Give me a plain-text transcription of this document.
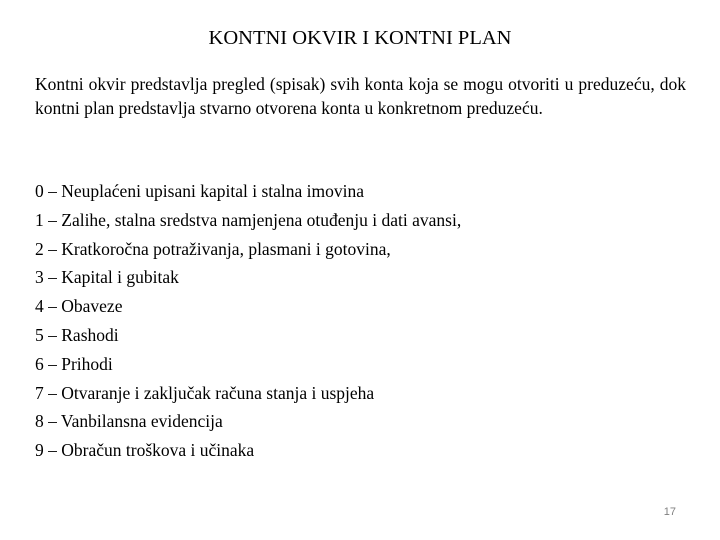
KONTNI OKVIR I KONTNI PLAN

Kontni okvir predstavlja pregled (spisak) svih konta koja se mogu otvoriti u preduzeću, dok kontni plan predstavlja stvarno otvorena konta u konkretnom preduzeću.

0 – Neuplaćeni upisani kapital i stalna imovina
1 – Zalihe, stalna sredstva namjenjena otuđenju i dati avansi,
2 – Kratkoročna potraživanja, plasmani i gotovina,
3 – Kapital i gubitak
4 – Obaveze
5 – Rashodi
6 – Prihodi
7 – Otvaranje i zaključak računa stanja i uspjeha
8 – Vanbilansna evidencija
9 – Obračun troškova i učinaka
17
